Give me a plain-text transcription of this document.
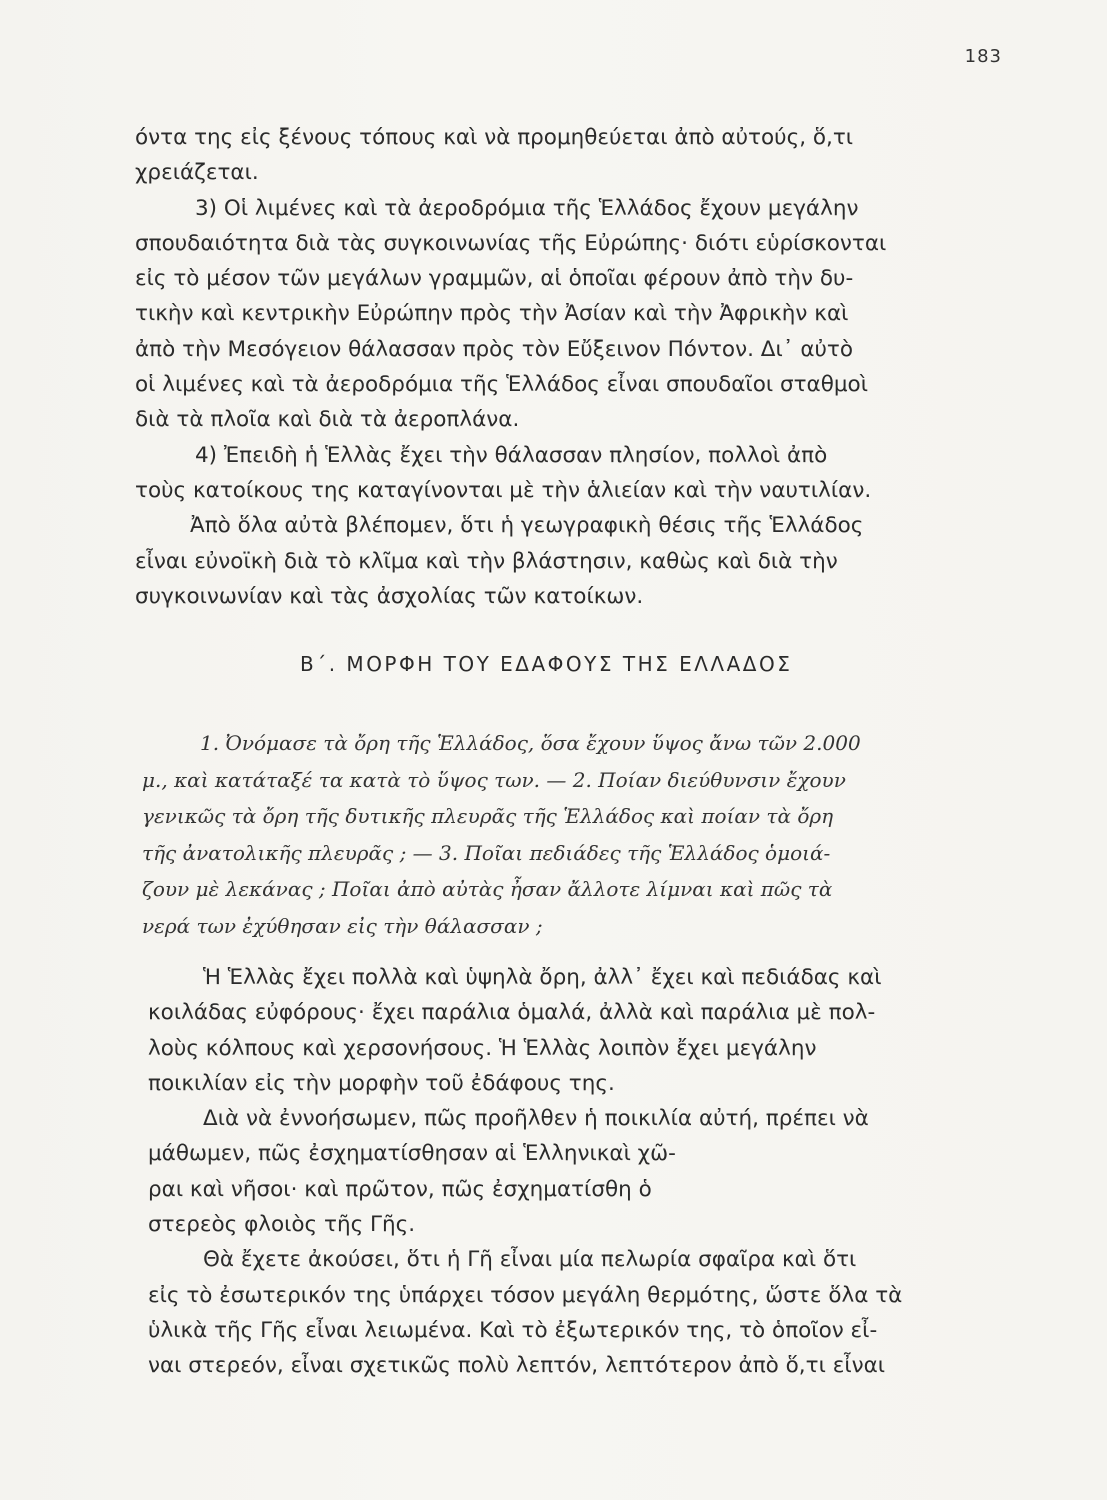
183
όντα της εἰς ξένους τόπους καὶ νὰ προμηθεύεται ἀπὸ αὐτούς, ὅ,τι
χρειάζεται.
3) Οἱ λιμένες καὶ τὰ ἀεροδρόμια τῆς Ἑλλάδος ἔχουν μεγάλην
σπουδαιότητα διὰ τὰς συγκοινωνίας τῆς Εὐρώπης· διότι εὑρίσκονται
εἰς τὸ μέσον τῶν μεγάλων γραμμῶν, αἱ ὁποῖαι φέρουν ἀπὸ τὴν δυ-
τικὴν καὶ κεντρικὴν Εὐρώπην πρὸς τὴν Ἀσίαν καὶ τὴν Ἀφρικὴν καὶ
ἀπὸ τὴν Μεσόγειον θάλασσαν πρὸς τὸν Εὔξεινον Πόντον. Δι᾽ αὐτὸ
οἱ λιμένες καὶ τὰ ἀεροδρόμια τῆς Ἑλλάδος εἶναι σπουδαῖοι σταθμοὶ
διὰ τὰ πλοῖα καὶ διὰ τὰ ἀεροπλάνα.
4) Ἐπειδὴ ἡ Ἑλλὰς ἔχει τὴν θάλασσαν πλησίον, πολλοὶ ἀπὸ
τοὺς κατοίκους της καταγίνονται μὲ τὴν ἁλιείαν καὶ τὴν ναυτιλίαν.
Ἀπὸ ὅλα αὐτὰ βλέπομεν, ὅτι ἡ γεωγραφικὴ θέσις τῆς Ἑλλάδος
εἶναι εὐνοϊκὴ διὰ τὸ κλῖμα καὶ τὴν βλάστησιν, καθὼς καὶ διὰ τὴν
συγκοινωνίαν καὶ τὰς ἀσχολίας τῶν κατοίκων.
Β΄. ΜΟΡΦΗ ΤΟΥ ΕΔΑΦΟΥΣ ΤΗΣ ΕΛΛΑΔΟΣ
1. Ὀνόμασε τὰ ὄρη τῆς Ἑλλάδος, ὅσα ἔχουν ὕψος ἄνω τῶν 2.000
μ., καὶ κατάταξέ τα κατὰ τὸ ὕψος των. — 2. Ποίαν διεύθυνσιν ἔχουν
γενικῶς τὰ ὄρη τῆς δυτικῆς πλευρᾶς τῆς Ἑλλάδος καὶ ποίαν τὰ ὄρη
τῆς ἀνατολικῆς πλευρᾶς ; — 3. Ποῖαι πεδιάδες τῆς Ἑλλάδος ὁμοιά-
ζουν μὲ λεκάνας ; Ποῖαι ἀπὸ αὐτὰς ἦσαν ἄλλοτε λίμναι καὶ πῶς τὰ
νερά των ἐχύθησαν εἰς τὴν θάλασσαν ;
Ἡ Ἑλλὰς ἔχει πολλὰ καὶ ὑψηλὰ ὄρη, ἀλλ᾽ ἔχει καὶ πεδιάδας καὶ
κοιλάδας εὐφόρους· ἔχει παράλια ὁμαλά, ἀλλὰ καὶ παράλια μὲ πολ-
λοὺς κόλπους καὶ χερσονήσους. Ἡ Ἑλλὰς λοιπὸν ἔχει μεγάλην
ποικιλίαν εἰς τὴν μορφὴν τοῦ ἐδάφους της.
Διὰ νὰ ἐννοήσωμεν, πῶς προῆλθεν ἡ ποικιλία αὐτή, πρέπει νὰ
μάθωμεν, πῶς ἐσχηματίσθησαν αἱ Ἑλληνικαὶ χῶ-
ραι καὶ νῆσοι· καὶ πρῶτον, πῶς ἐσχηματίσθη ὁ
στερεὸς φλοιὸς τῆς Γῆς.
Θὰ ἔχετε ἀκούσει, ὅτι ἡ Γῆ εἶναι μία πελωρία σφαῖρα καὶ ὅτι
εἰς τὸ ἐσωτερικόν της ὑπάρχει τόσον μεγάλη θερμότης, ὥστε ὅλα τὰ
ὑλικὰ τῆς Γῆς εἶναι λειωμένα. Καὶ τὸ ἐξωτερικόν της, τὸ ὁποῖον εἶ-
ναι στερεόν, εἶναι σχετικῶς πολὺ λεπτόν, λεπτότερον ἀπὸ ὅ,τι εἶναι
